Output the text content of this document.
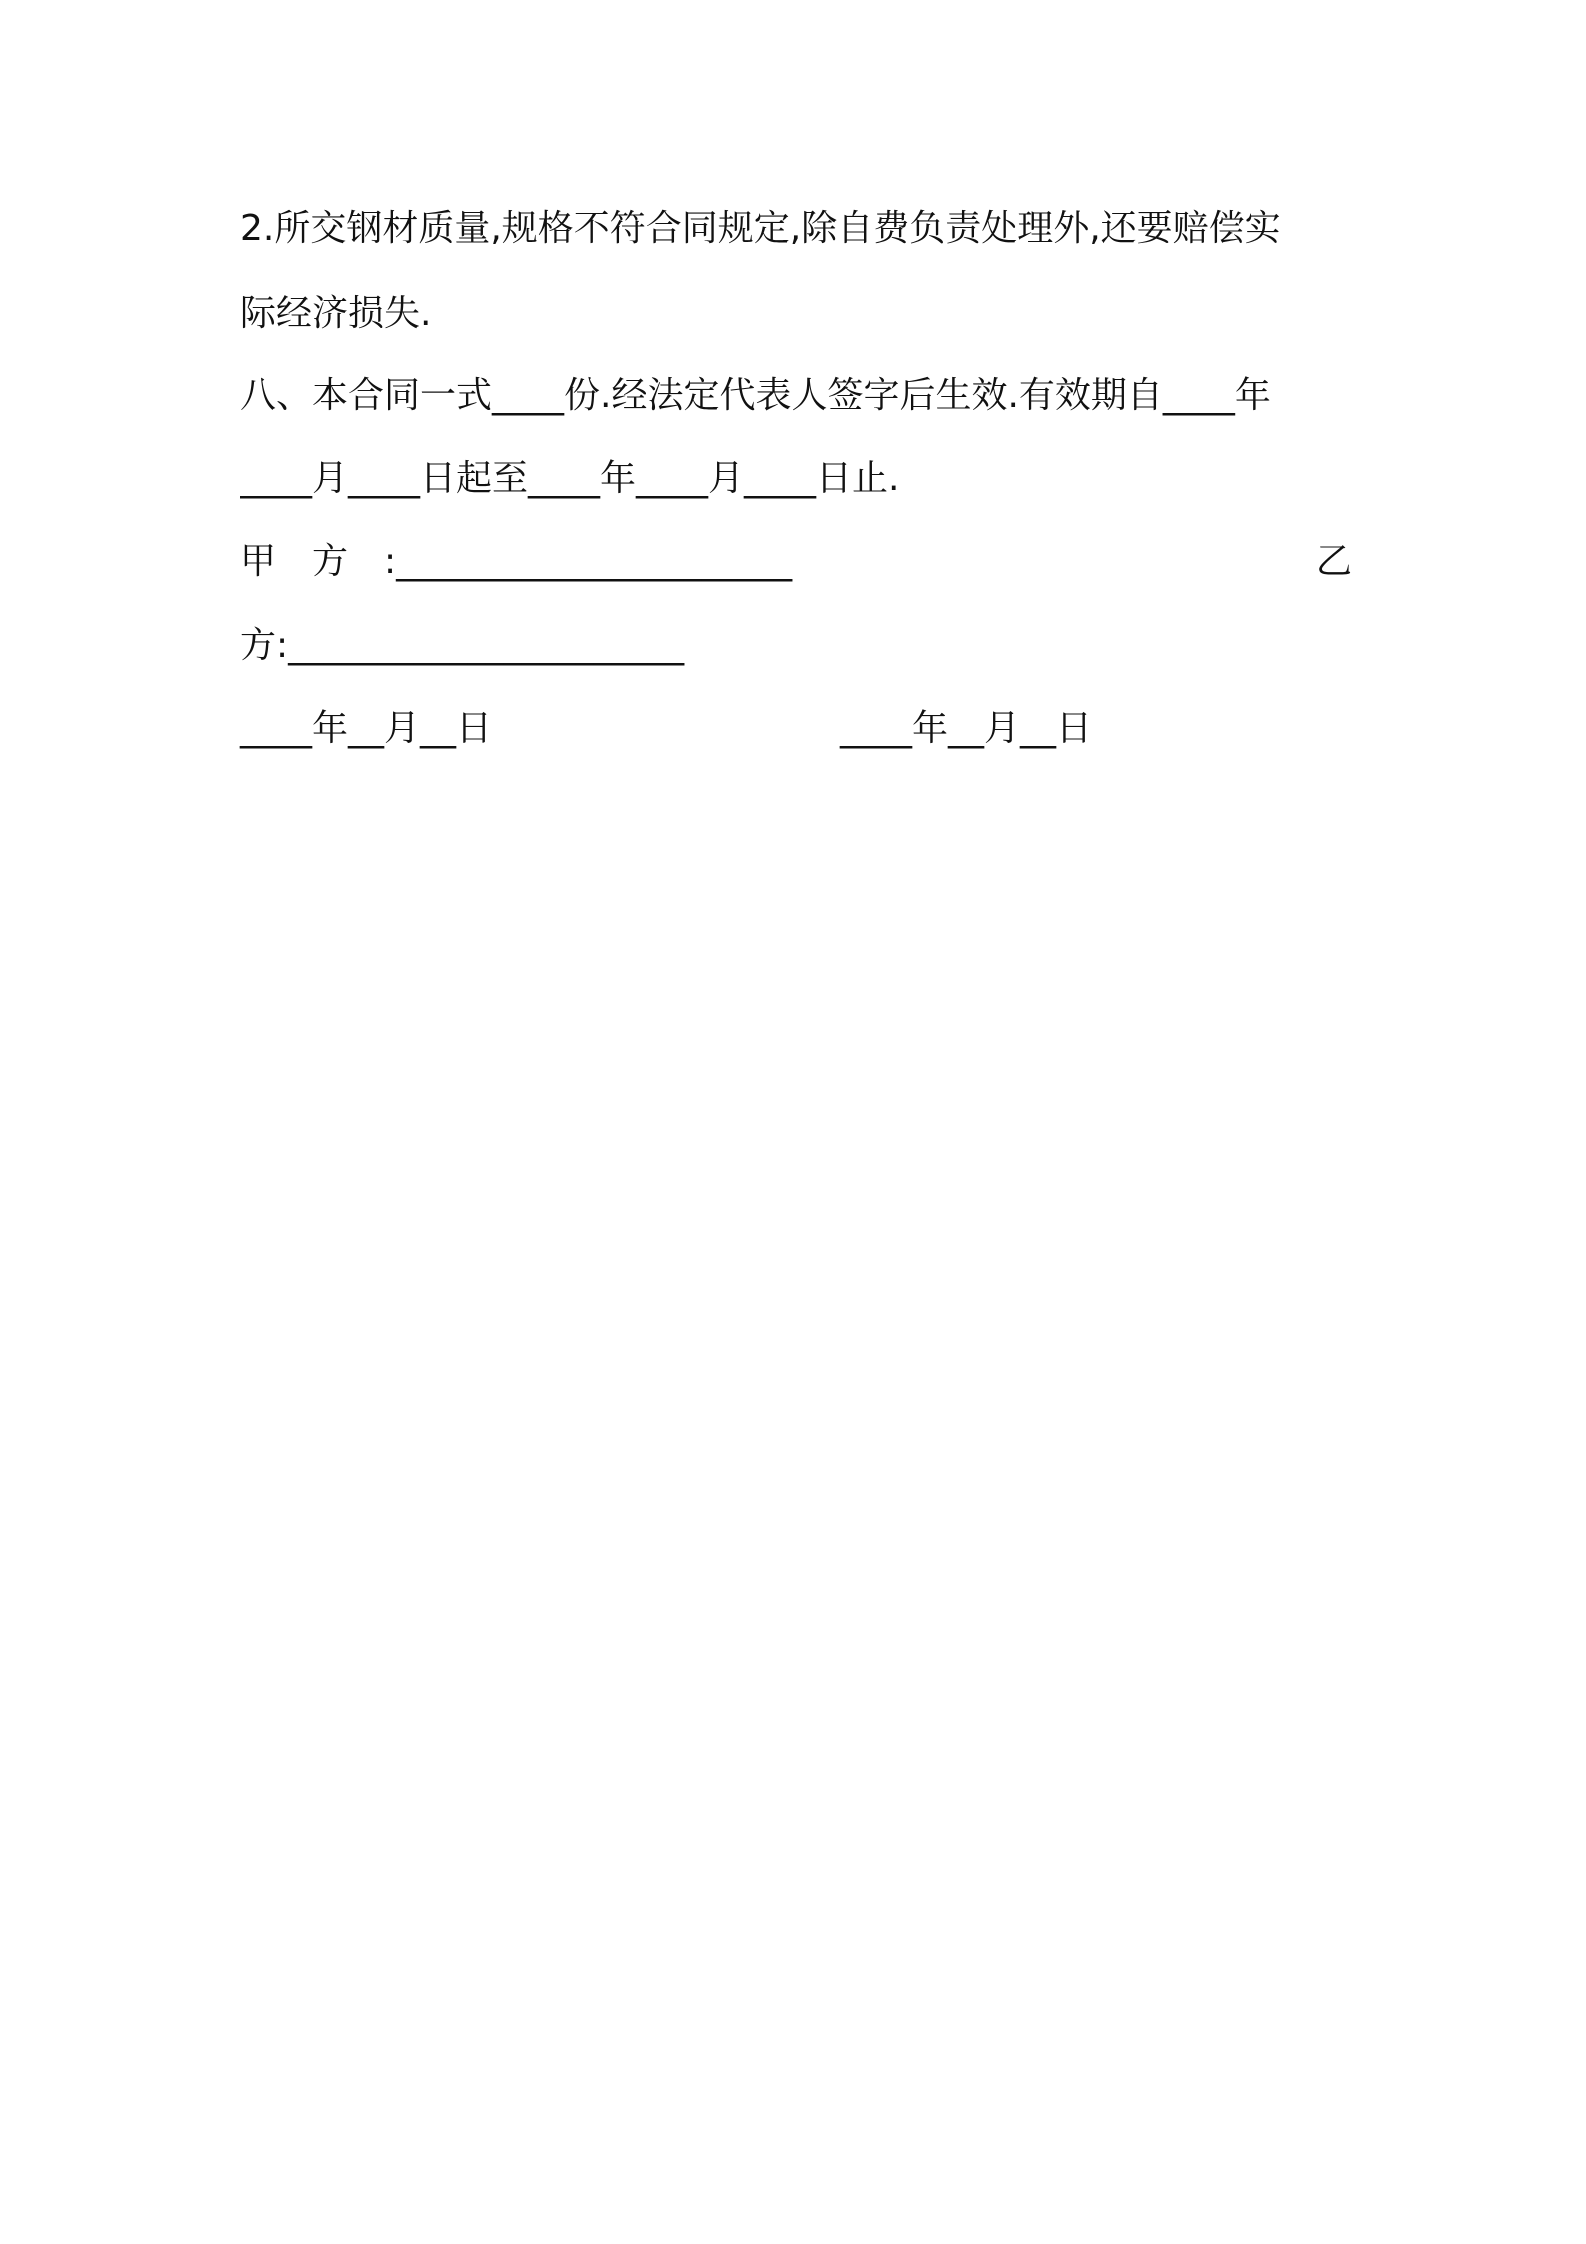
2.所交钢材质量,规格不符合同规定,除自费负责处理外,还要赔偿实
际经济损失.
八、本合同一式____份.经法定代表人签字后生效.有效期自____年
____月____日起至____年____月____日止.
甲　方　:______________________	乙
方:______________________
____年__月__日	____年__月__日
